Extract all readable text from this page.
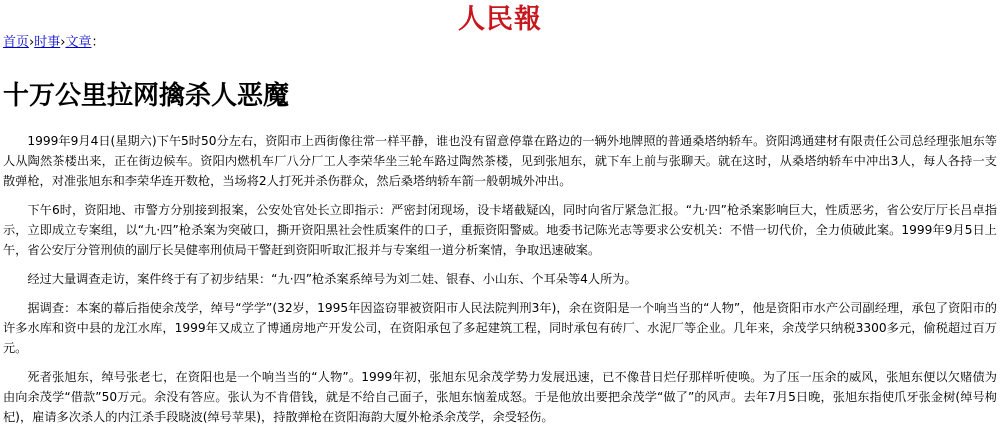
人民報
首页›时事›文章：
十万公里拉网擒杀人恶魔

1999年9月4日(星期六)下午5时50分左右，资阳市上西街像往常一样平静，谁也没有留意停靠在路边的一辆外地牌照的普通桑塔纳轿车。资阳鸿通建材有限责任公司总经理张旭东等人从陶然茶楼出来，正在街边候车。资阳内燃机车厂八分厂工人李荣华坐三轮车路过陶然茶楼，见到张旭东，就下车上前与张聊天。就在这时，从桑塔纳轿车中冲出3人，每人各持一支散弹枪，对准张旭东和李荣华连开数枪，当场将2人打死并杀伤群众，然后桑塔纳轿车箭一般朝城外冲出。

下午6时，资阳地、市警方分别接到报案，公安处官处长立即指示：严密封闭现场，设卡堵截疑凶，同时向省厅紧急汇报。“九·四”枪杀案影响巨大，性质恶劣，省公安厅厅长吕卓指示，立即成立专案组，以“九·四”枪杀案为突破口，撕开资阳黑社会性质案件的口子，重振资阳警威。地委书记陈光志等要求公安机关：不惜一切代价，全力侦破此案。1999年9月5日上午，省公安厅分管刑侦的副厅长吴健率刑侦局干警赶到资阳听取汇报并与专案组一道分析案情，争取迅速破案。

经过大量调查走访，案件终于有了初步结果：“九·四”枪杀案系绰号为刘二娃、银春、小山东、个耳朵等4人所为。

据调查：本案的幕后指使余茂学，绰号“学学”(32岁，1995年因盗窃罪被资阳市人民法院判刑3年)，余在资阳是一个响当当的“人物”，他是资阳市水产公司副经理，承包了资阳市的许多水库和资中县的龙江水库，1999年又成立了博通房地产开发公司，在资阳承包了多起建筑工程，同时承包有砖厂、水泥厂等企业。几年来，余茂学只纳税3300多元，偷税超过百万元。

死者张旭东，绰号张老七，在资阳也是一个响当当的“人物”。1999年初，张旭东见余茂学势力发展迅速，已不像昔日烂仔那样听使唤。为了压一压余的威风，张旭东便以欠赌债为由向余茂学“借款”50万元。余没有答应。张认为不肯借钱，就是不给自己面子，张旭东恼羞成怒。于是他放出要把余茂学“做了”的风声。去年7月5日晚，张旭东指使爪牙张金树(绰号枸杞)，雇请多次杀人的内江杀手段晓波(绰号苹果)，持散弹枪在资阳海韵大厦外枪杀余茂学，余受轻伤。
